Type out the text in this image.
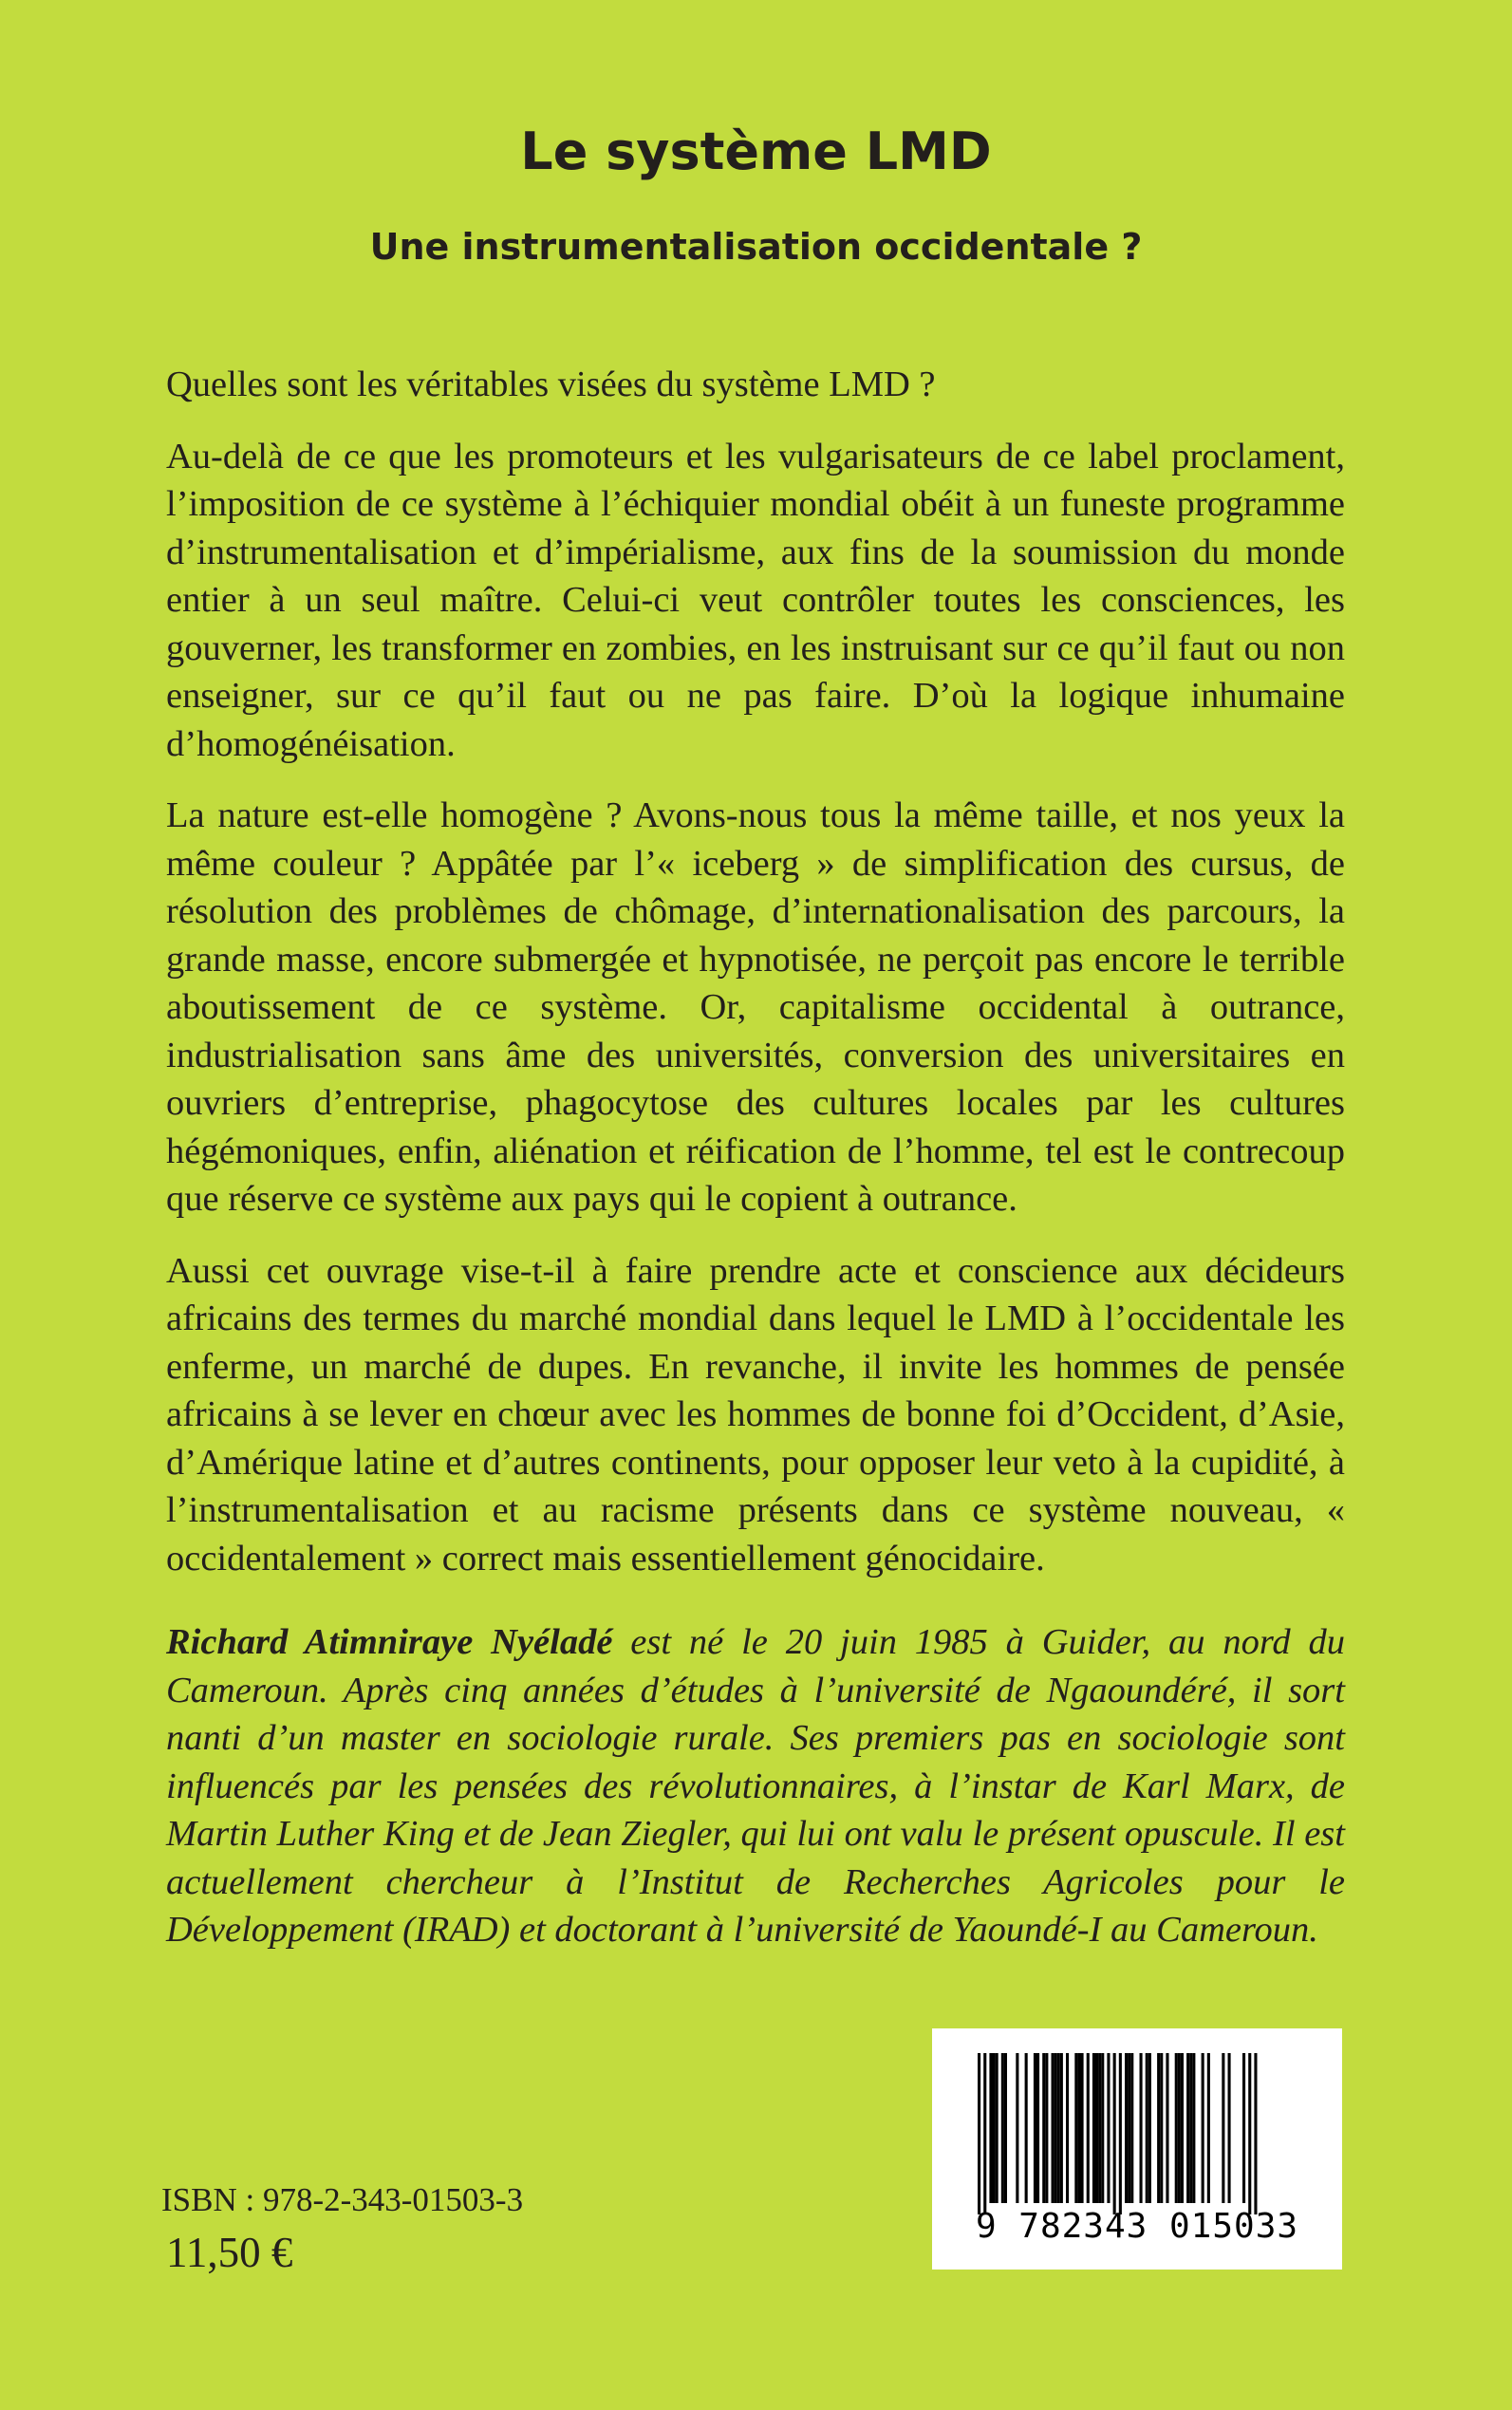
Le système LMD
Une instrumentalisation occidentale ?

Quelles sont les véritables visées du système LMD ?

Au-delà de ce que les promoteurs et les vulgarisateurs de ce label proclament, l’imposition de ce système à l’échiquier mondial obéit à un funeste programme d’instrumentalisation et d’impérialisme, aux fins de la soumission du monde entier à un seul maître. Celui-ci veut contrôler toutes les consciences, les gouverner, les transformer en zombies, en les instruisant sur ce qu’il faut ou non enseigner, sur ce qu’il faut ou ne pas faire. D’où la logique inhumaine d’homogénéisation.

La nature est-elle homogène ? Avons-nous tous la même taille, et nos yeux la même couleur ? Appâtée par l’« iceberg » de simplification des cursus, de résolution des problèmes de chômage, d’internationalisation des parcours, la grande masse, encore submergée et hypnotisée, ne perçoit pas encore le terrible aboutissement de ce système. Or, capitalisme occidental à outrance, industrialisation sans âme des universités, conversion des universitaires en ouvriers d’entreprise, phagocytose des cultures locales par les cultures hégémoniques, enfin, aliénation et réification de l’homme, tel est le contrecoup que réserve ce système aux pays qui le copient à outrance.

Aussi cet ouvrage vise-t-il à faire prendre acte et conscience aux décideurs africains des termes du marché mondial dans lequel le LMD à l’occidentale les enferme, un marché de dupes. En revanche, il invite les hommes de pensée africains à se lever en chœur avec les hommes de bonne foi d’Occident, d’Asie, d’Amérique latine et d’autres continents, pour opposer leur veto à la cupidité, à l’instrumentalisation et au racisme présents dans ce système nouveau, « occidentalement » correct mais essentiellement génocidaire.

Richard Atimniraye Nyéladé est né le 20 juin 1985 à Guider, au nord du Cameroun. Après cinq années d’études à l’université de Ngaoundéré, il sort nanti d’un master en sociologie rurale. Ses premiers pas en sociologie sont influencés par les pensées des révolutionnaires, à l’instar de Karl Marx, de Martin Luther King et de Jean Ziegler, qui lui ont valu le présent opuscule. Il est actuellement chercheur à l’Institut de Recherches Agricoles pour le Développement (IRAD) et doctorant à l’université de Yaoundé-I au Cameroun.

ISBN : 978-2-343-01503-3
11,50 €
9 782343 015033
